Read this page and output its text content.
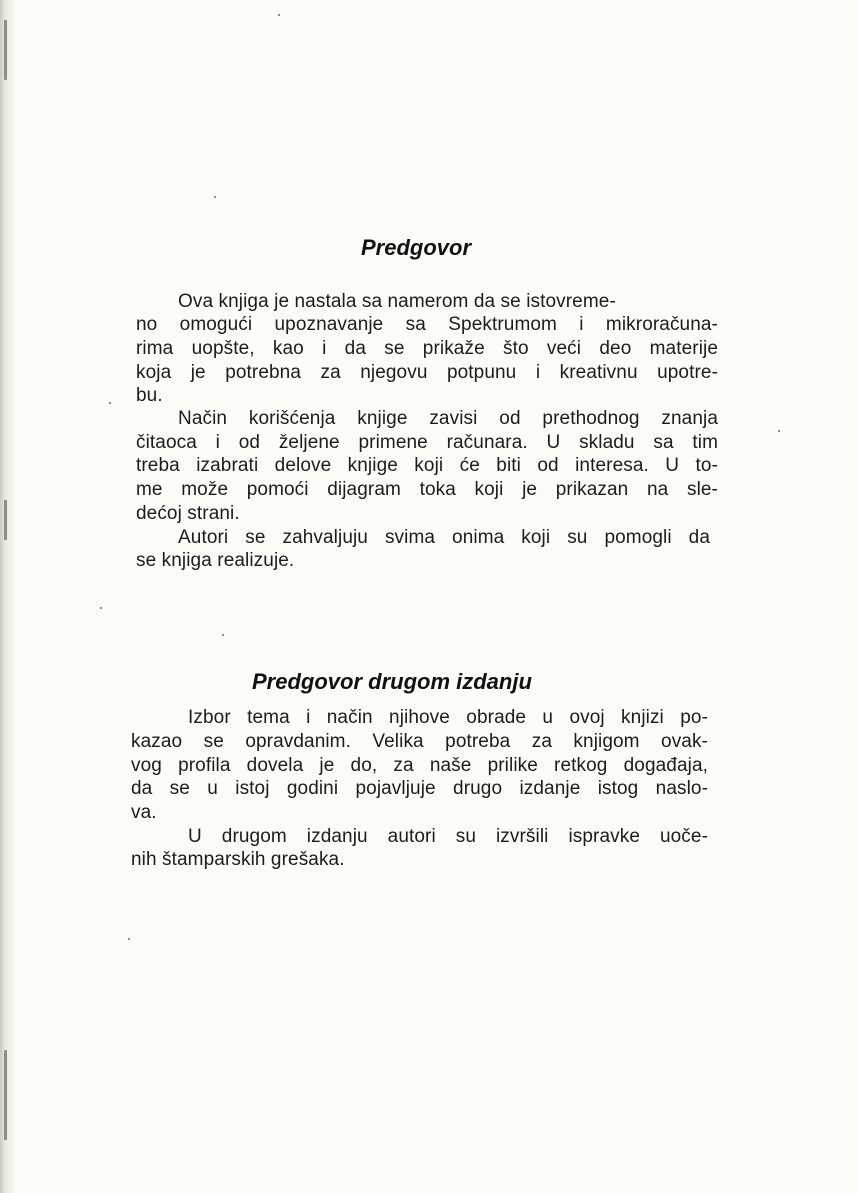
Predgovor

Ova knjiga je nastala sa namerom da se istovreme-

no omogući upoznavanje sa Spektrumom i mikroračuna-

rima uopšte, kao i da se prikaže što veći deo materije

koja je potrebna za njegovu potpunu i kreativnu upotre-

bu.

Način korišćenja knjige zavisi od prethodnog znanja

čitaoca i od željene primene računara. U skladu sa tim

treba izabrati delove knjige koji će biti od interesa. U to-

me može pomoći dijagram toka koji je prikazan na sle-

dećoj strani.

Autori se zahvaljuju svima onima koji su pomogli da

se knjiga realizuje.

Predgovor drugom izdanju

Izbor tema i način njihove obrade u ovoj knjizi po-

kazao se opravdanim. Velika potreba za knjigom ovak-

vog profila dovela je do, za naše prilike retkog događaja,

da se u istoj godini pojavljuje drugo izdanje istog naslo-

va.

U drugom izdanju autori su izvršili ispravke uoče-

nih štamparskih grešaka.
